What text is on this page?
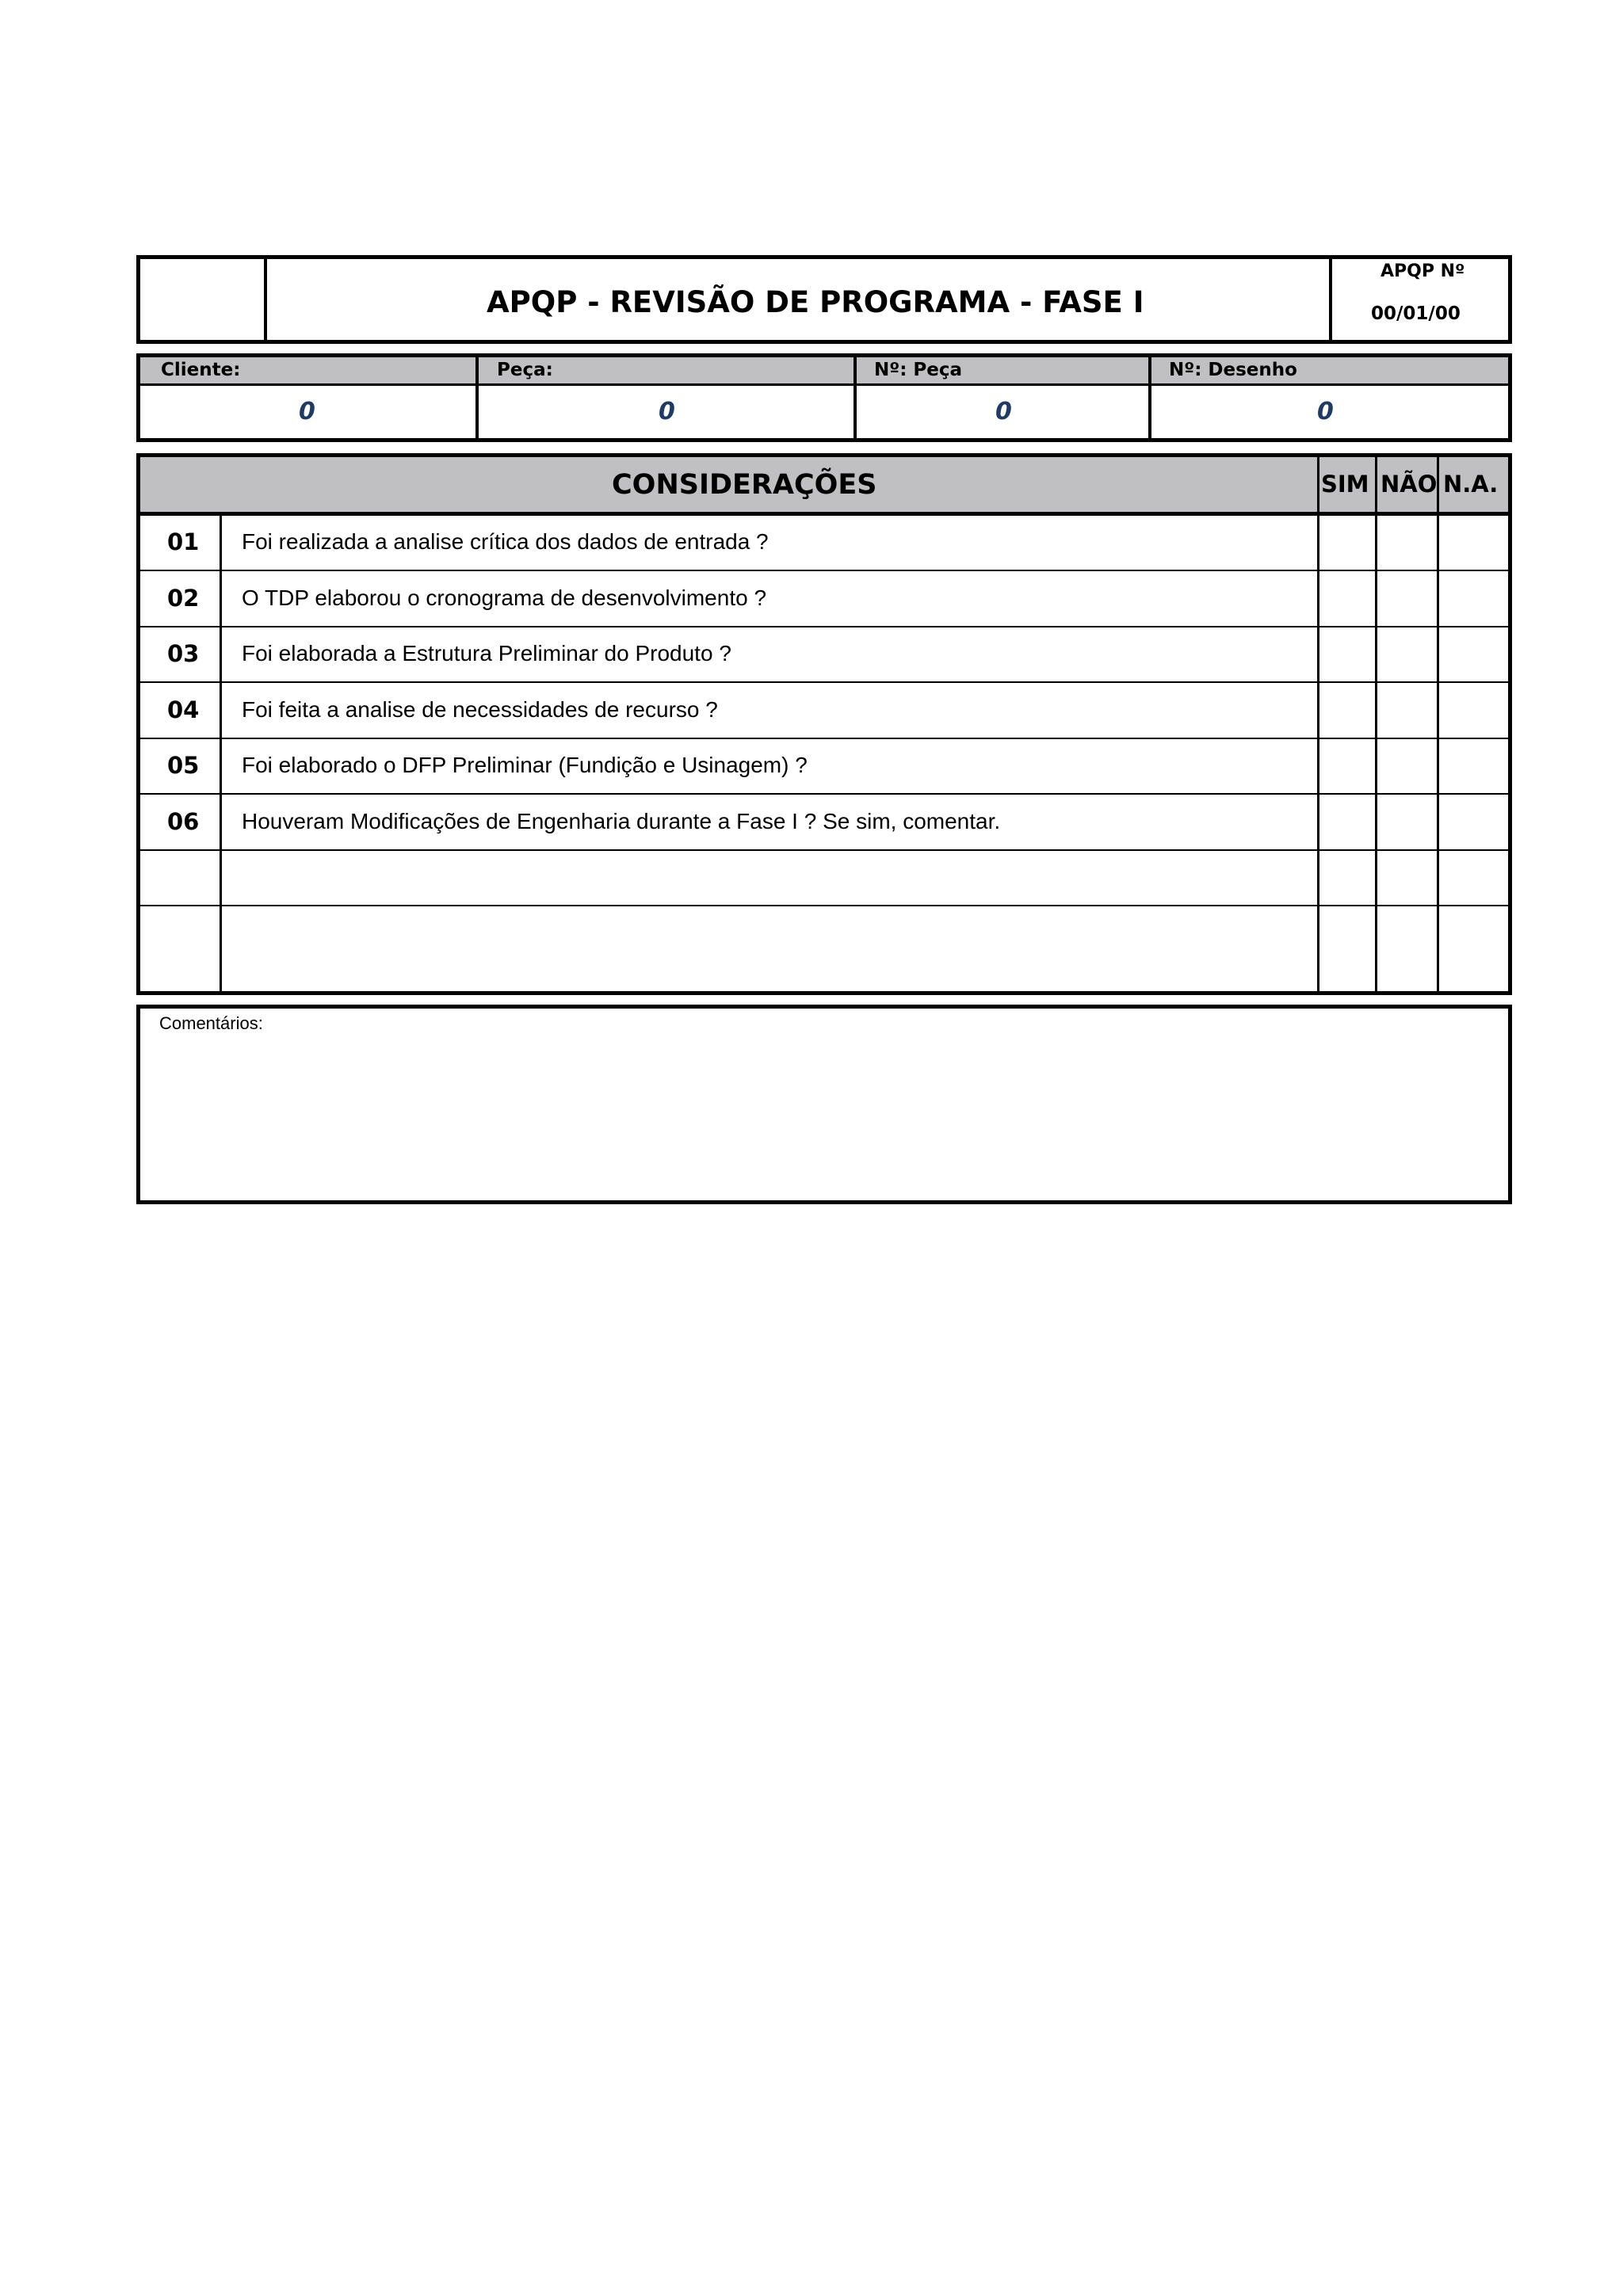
APQP - REVISÃO DE PROGRAMA - FASE I
APQP Nº
00/01/00
Cliente:	Peça:	Nº: Peça	Nº: Desenho
0	0	0	0
CONSIDERAÇÕES	SIM NÃO N.A.
01 Foi realizada a analise crítica dos dados de entrada ?
02 O TDP elaborou o cronograma de desenvolvimento ?
03 Foi elaborada a Estrutura Preliminar do Produto ?
04 Foi feita a analise de necessidades de recurso ?
05 Foi elaborado o DFP Preliminar (Fundição e Usinagem) ?
06 Houveram Modificações de Engenharia durante a Fase I ? Se sim, comentar.
Comentários:
